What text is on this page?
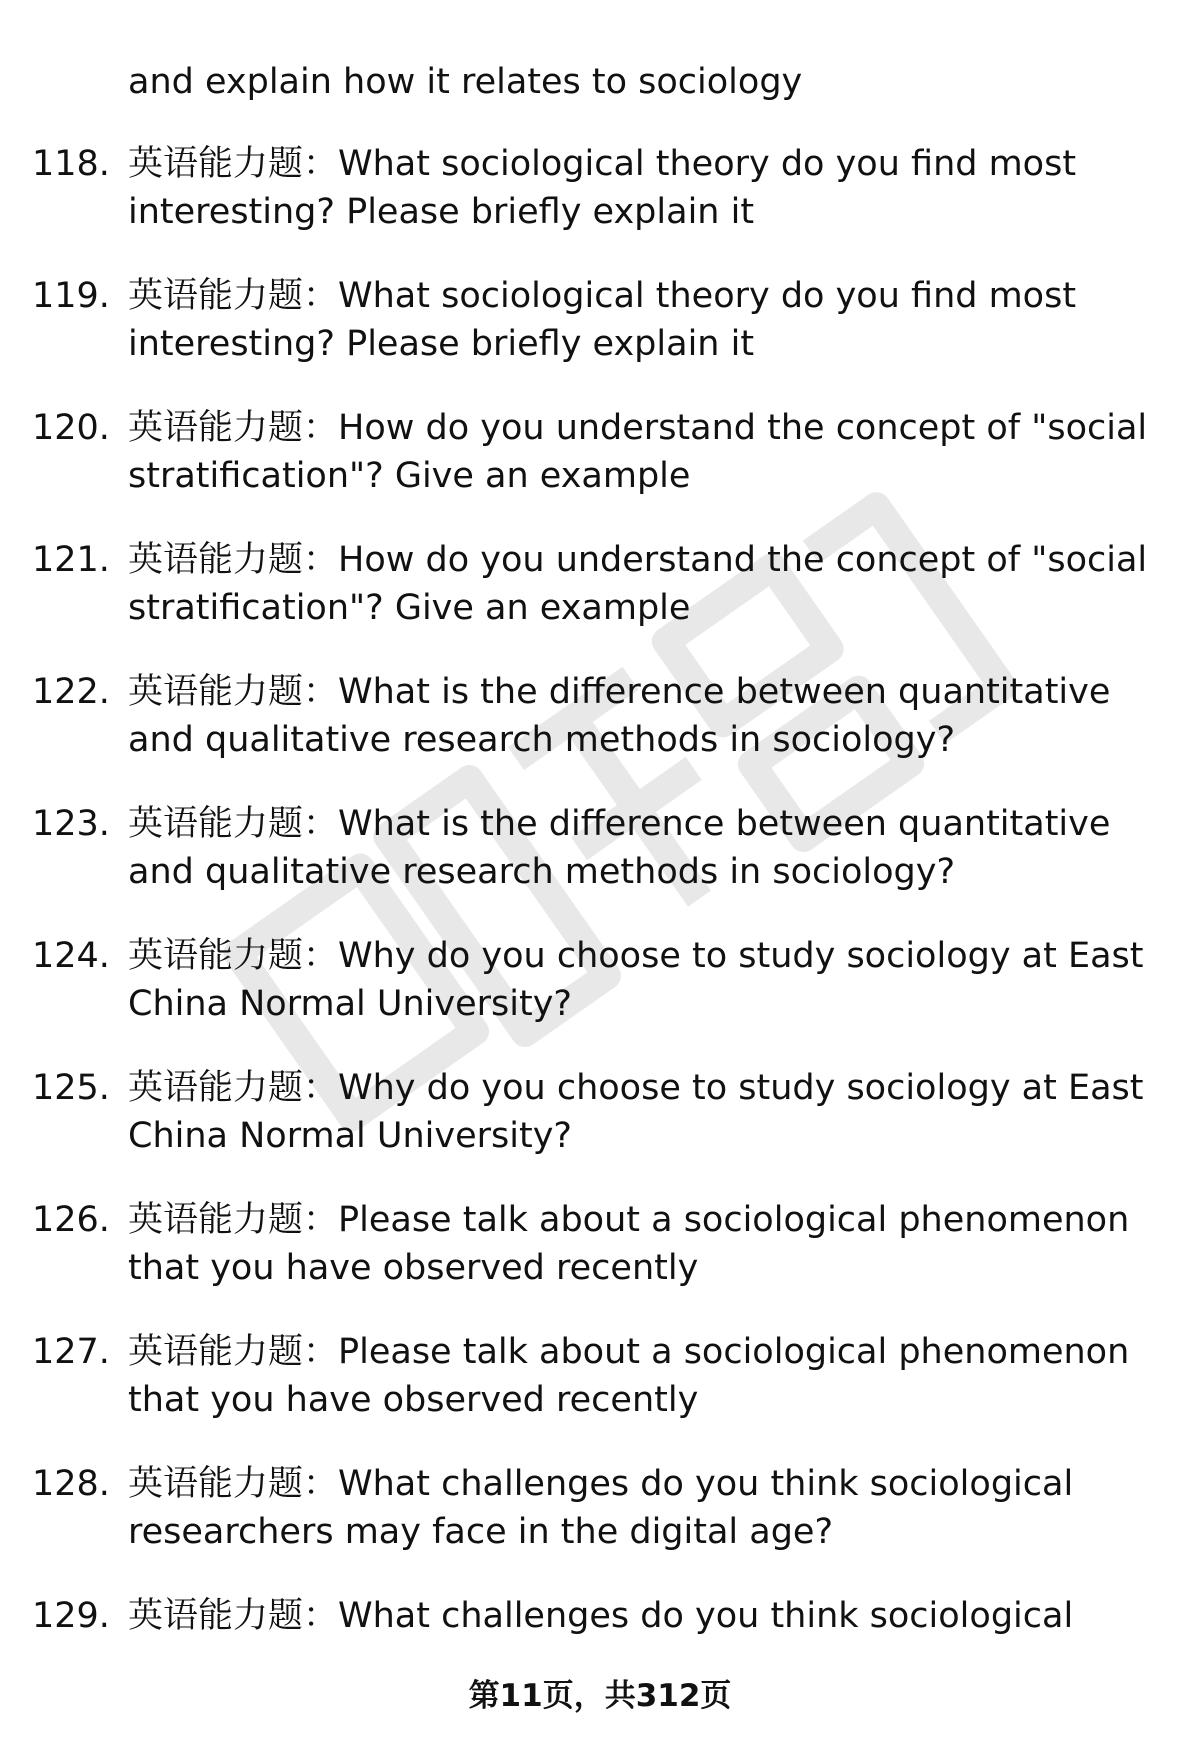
and explain how it relates to sociology
118. 英语能力题：What sociological theory do you find most interesting? Please briefly explain it
119. 英语能力题：What sociological theory do you find most interesting? Please briefly explain it
120. 英语能力题：How do you understand the concept of "social stratification"? Give an example
121. 英语能力题：How do you understand the concept of "social stratification"? Give an example
122. 英语能力题：What is the difference between quantitative and qualitative research methods in sociology?
123. 英语能力题：What is the difference between quantitative and qualitative research methods in sociology?
124. 英语能力题：Why do you choose to study sociology at East China Normal University?
125. 英语能力题：Why do you choose to study sociology at East China Normal University?
126. 英语能力题：Please talk about a sociological phenomenon that you have observed recently
127. 英语能力题：Please talk about a sociological phenomenon that you have observed recently
128. 英语能力题：What challenges do you think sociological researchers may face in the digital age?
129. 英语能力题：What challenges do you think sociological
第11页，共312页
